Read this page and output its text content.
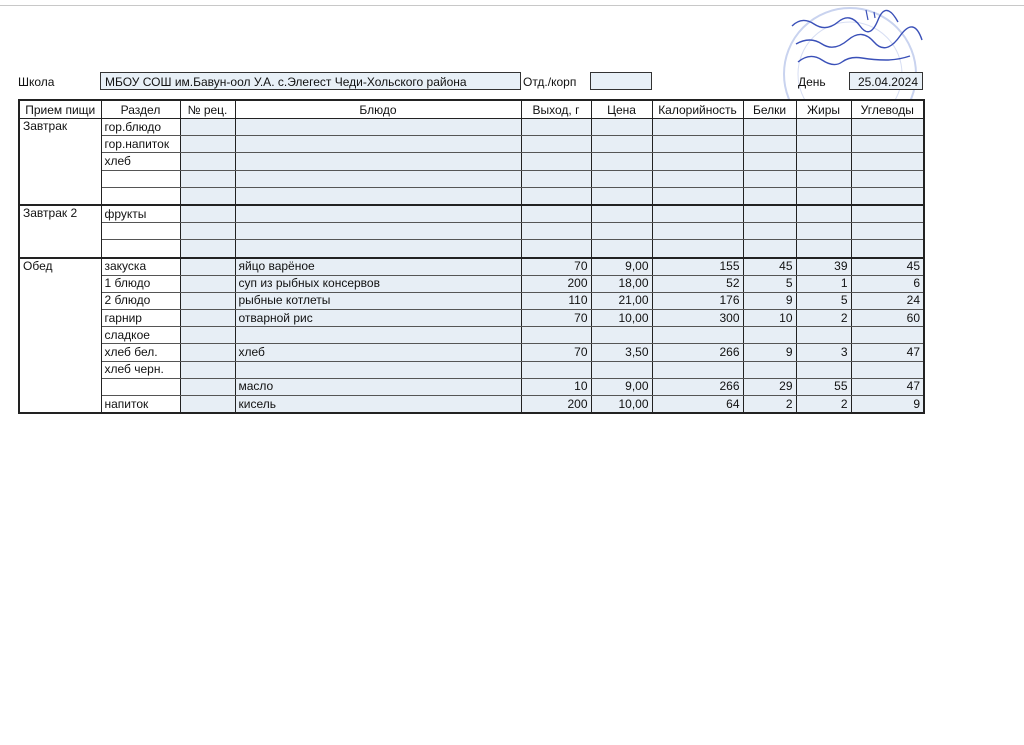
Школа	МБОУ СОШ им.Бавун-оол У.А. с.Элегест Чеди-Хольского района	Отд./корп	День	25.04.2024
Прием пищи	Раздел	№ рец.	Блюдо	Выход, г	Цена	Калорийность	Белки	Жиры	Углеводы
Завтрак	гор.блюдо								
	гор.напиток								
	хлеб								

Завтрак 2	фрукты								

Обед	закуска		яйцо варёное	70	9,00	155	45	39	45
	1 блюдо		суп из рыбных консервов	200	18,00	52	5	1	6
	2 блюдо		рыбные котлеты	110	21,00	176	9	5	24
	гарнир		отварной рис	70	10,00	300	10	2	60
	сладкое								
	хлеб бел.		хлеб	70	3,50	266	9	3	47
	хлеб черн.								
			масло	10	9,00	266	29	55	47
	напиток		кисель	200	10,00	64	2	2	9
